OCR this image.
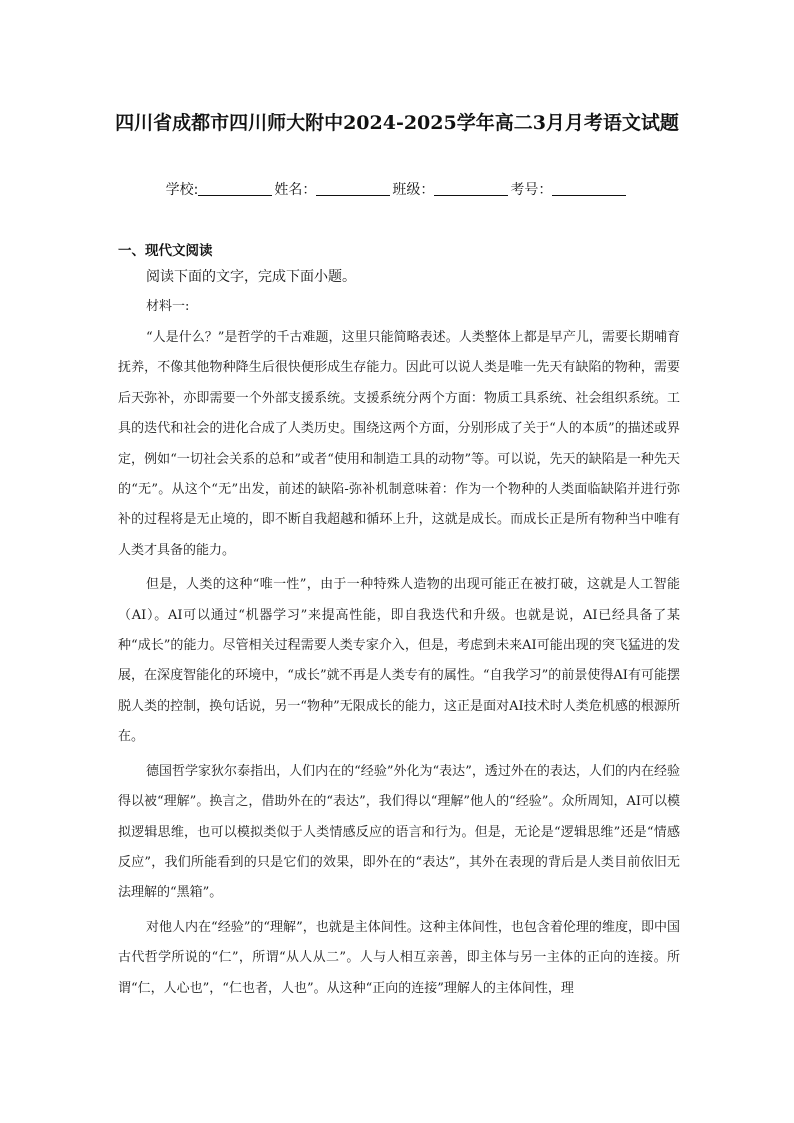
四川省成都市四川师大附中2024-2025学年高二3月月考语文试题
学校:	姓名：	班级：	考号：
一、现代文阅读

阅读下面的文字，完成下面小题。

材料一:

“人是什么？”是哲学的千古难题，这里只能简略表述。人类整体上都是早产儿，需要长期哺育抚养，不像其他物种降生后很快便形成生存能力。因此可以说人类是唯一先天有缺陷的物种，需要后天弥补，亦即需要一个外部支援系统。支援系统分两个方面：物质工具系统、社会组织系统。工具的迭代和社会的进化合成了人类历史。围绕这两个方面，分别形成了关于“人的本质”的描述或界定，例如“一切社会关系的总和”或者“使用和制造工具的动物”等。可以说，先天的缺陷是一种先天的“无”。从这个“无”出发，前述的缺陷-弥补机制意味着：作为一个物种的人类面临缺陷并进行弥补的过程将是无止境的，即不断自我超越和循环上升，这就是成长。而成长正是所有物种当中唯有人类才具备的能力。

但是，人类的这种“唯一性”，由于一种特殊人造物的出现可能正在被打破，这就是人工智能（AI）。AI可以通过“机器学习”来提高性能，即自我迭代和升级。也就是说，AI已经具备了某种“成长”的能力。尽管相关过程需要人类专家介入，但是，考虑到未来AI可能出现的突飞猛进的发展，在深度智能化的环境中，“成长”就不再是人类专有的属性。“自我学习”的前景使得AI有可能摆脱人类的控制，换句话说，另一“物种”无限成长的能力，这正是面对AI技术时人类危机感的根源所在。

德国哲学家狄尔泰指出，人们内在的“经验”外化为“表达”，透过外在的表达，人们的内在经验得以被“理解”。换言之，借助外在的“表达”，我们得以“理解”他人的“经验”。众所周知，AI可以模拟逻辑思维，也可以模拟类似于人类情感反应的语言和行为。但是，无论是“逻辑思维”还是“情感反应”，我们所能看到的只是它们的效果，即外在的“表达”，其外在表现的背后是人类目前依旧无法理解的“黑箱”。

对他人内在“经验”的“理解”，也就是主体间性。这种主体间性，也包含着伦理的维度，即中国古代哲学所说的“仁”，所谓“从人从二”。人与人相互亲善，即主体与另一主体的正向的连接。所谓“仁，人心也”，“仁也者，人也”。从这种“正向的连接”理解人的主体间性，理
